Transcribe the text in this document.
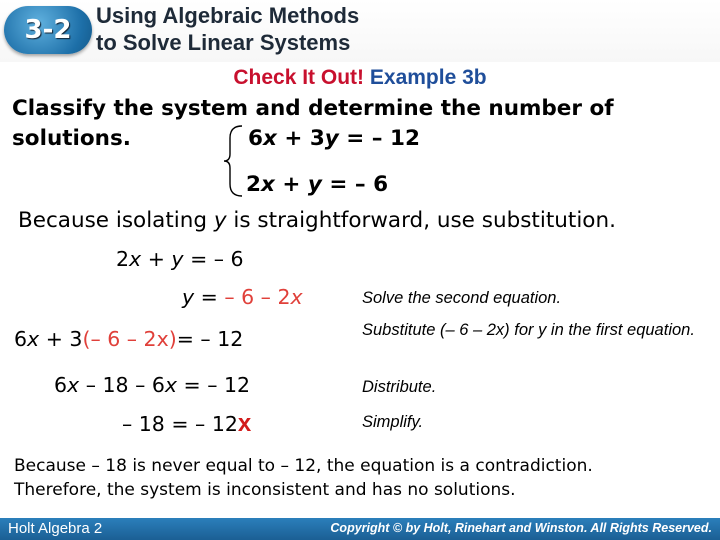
3-2	Using Algebraic Methods
to Solve Linear Systems
Check It Out! Example 3b
Classify the system and determine the number of
solutions.	6x + 3y = – 12
2x + y = – 6
Because isolating y is straightforward, use substitution.
2x + y = – 6
y = – 6 – 2x	Solve the second equation.
6x + 3(– 6 – 2x)= – 12	Substitute (– 6 – 2x) for y in the first equation.
6x – 18 – 6x = – 12	Distribute.
– 18 = – 12x	Simplify.
Because – 18 is never equal to – 12, the equation is a contradiction.
Therefore, the system is inconsistent and has no solutions.
Holt Algebra 2	Copyright © by Holt, Rinehart and Winston. All Rights Reserved.
